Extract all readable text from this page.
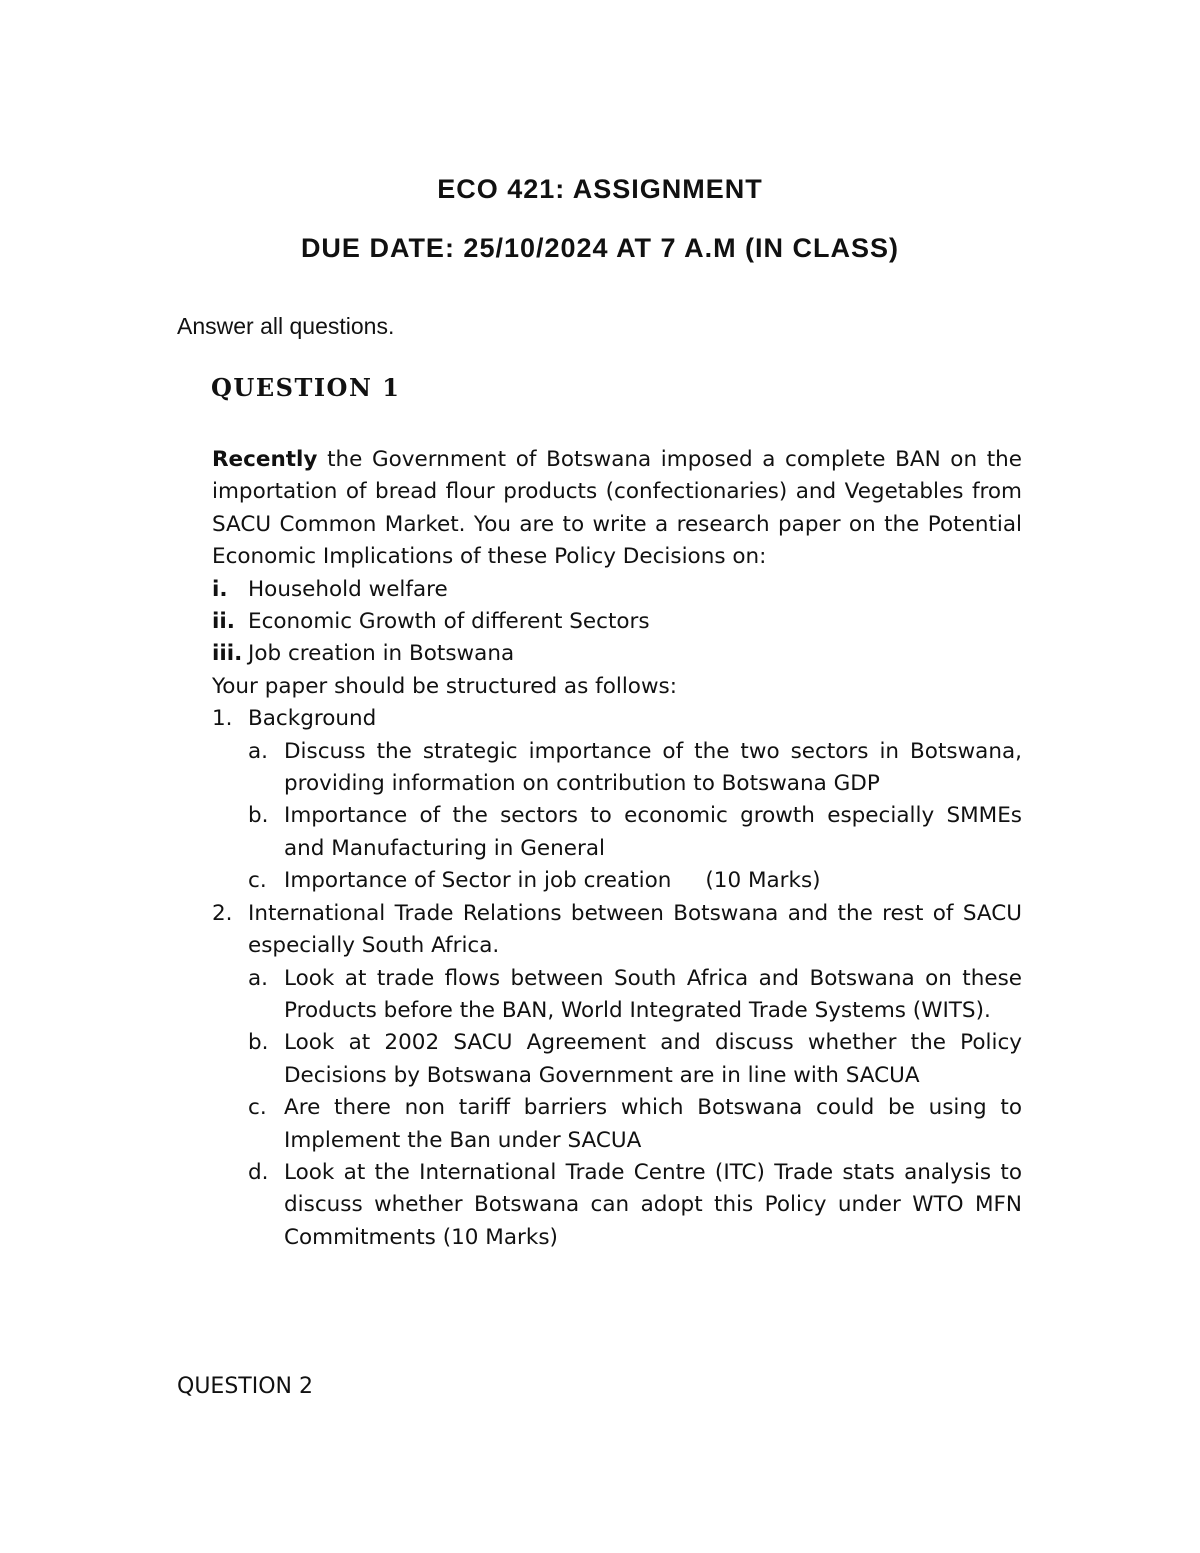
ECO 421: ASSIGNMENT
DUE DATE: 25/10/2024 AT 7 A.M (IN CLASS)
Answer all questions.
QUESTION 1

Recently the Government of Botswana imposed a complete BAN on the importation of bread flour products (confectionaries) and Vegetables from SACU Common Market. You are to write a research paper on the Potential Economic Implications of these Policy Decisions on:

i. Household welfare
ii. Economic Growth of different Sectors
iii. Job creation in Botswana

Your paper should be structured as follows:

1. Background
a. Discuss the strategic importance of the two sectors in Botswana, providing information on contribution to Botswana GDP
b. Importance of the sectors to economic growth especially SMMEs and Manufacturing in General
c. Importance of Sector in job creation (10 Marks)
2. International Trade Relations between Botswana and the rest of SACU especially South Africa.
a. Look at trade flows between South Africa and Botswana on these Products before the BAN, World Integrated Trade Systems (WITS).
b. Look at 2002 SACU Agreement and discuss whether the Policy Decisions by Botswana Government are in line with SACUA
c. Are there non tariff barriers which Botswana could be using to Implement the Ban under SACUA
d. Look at the International Trade Centre (ITC) Trade stats analysis to discuss whether Botswana can adopt this Policy under WTO MFN Commitments (10 Marks)
QUESTION 2
